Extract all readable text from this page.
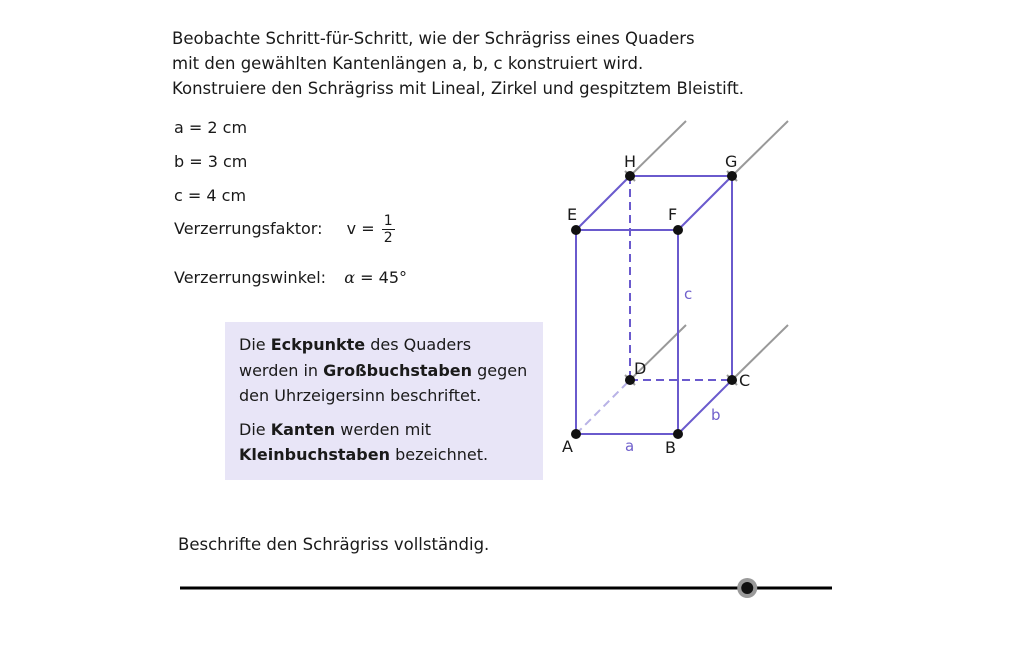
Beobachte Schritt-für-Schritt, wie der Schrägriss eines Quaders
mit den gewählten Kantenlängen a, b, c konstruiert wird.
Konstruiere den Schrägriss mit Lineal, Zirkel und gespitztem Bleistift.
a = 2 cm
b = 3 cm
c = 4 cm
Verzerrungsfaktor: $v = \frac{1}{2}$
Verzerrungswinkel: α = 45°

Die Eckpunkte des Quaders werden in Großbuchstaben gegen den Uhrzeigersinn beschriftet.

Die Kanten werden mit Kleinbuchstaben bezeichnet.	A	B
C
D
E	F
G
H
a
b
c
Beschrifte den Schrägriss vollständig.
